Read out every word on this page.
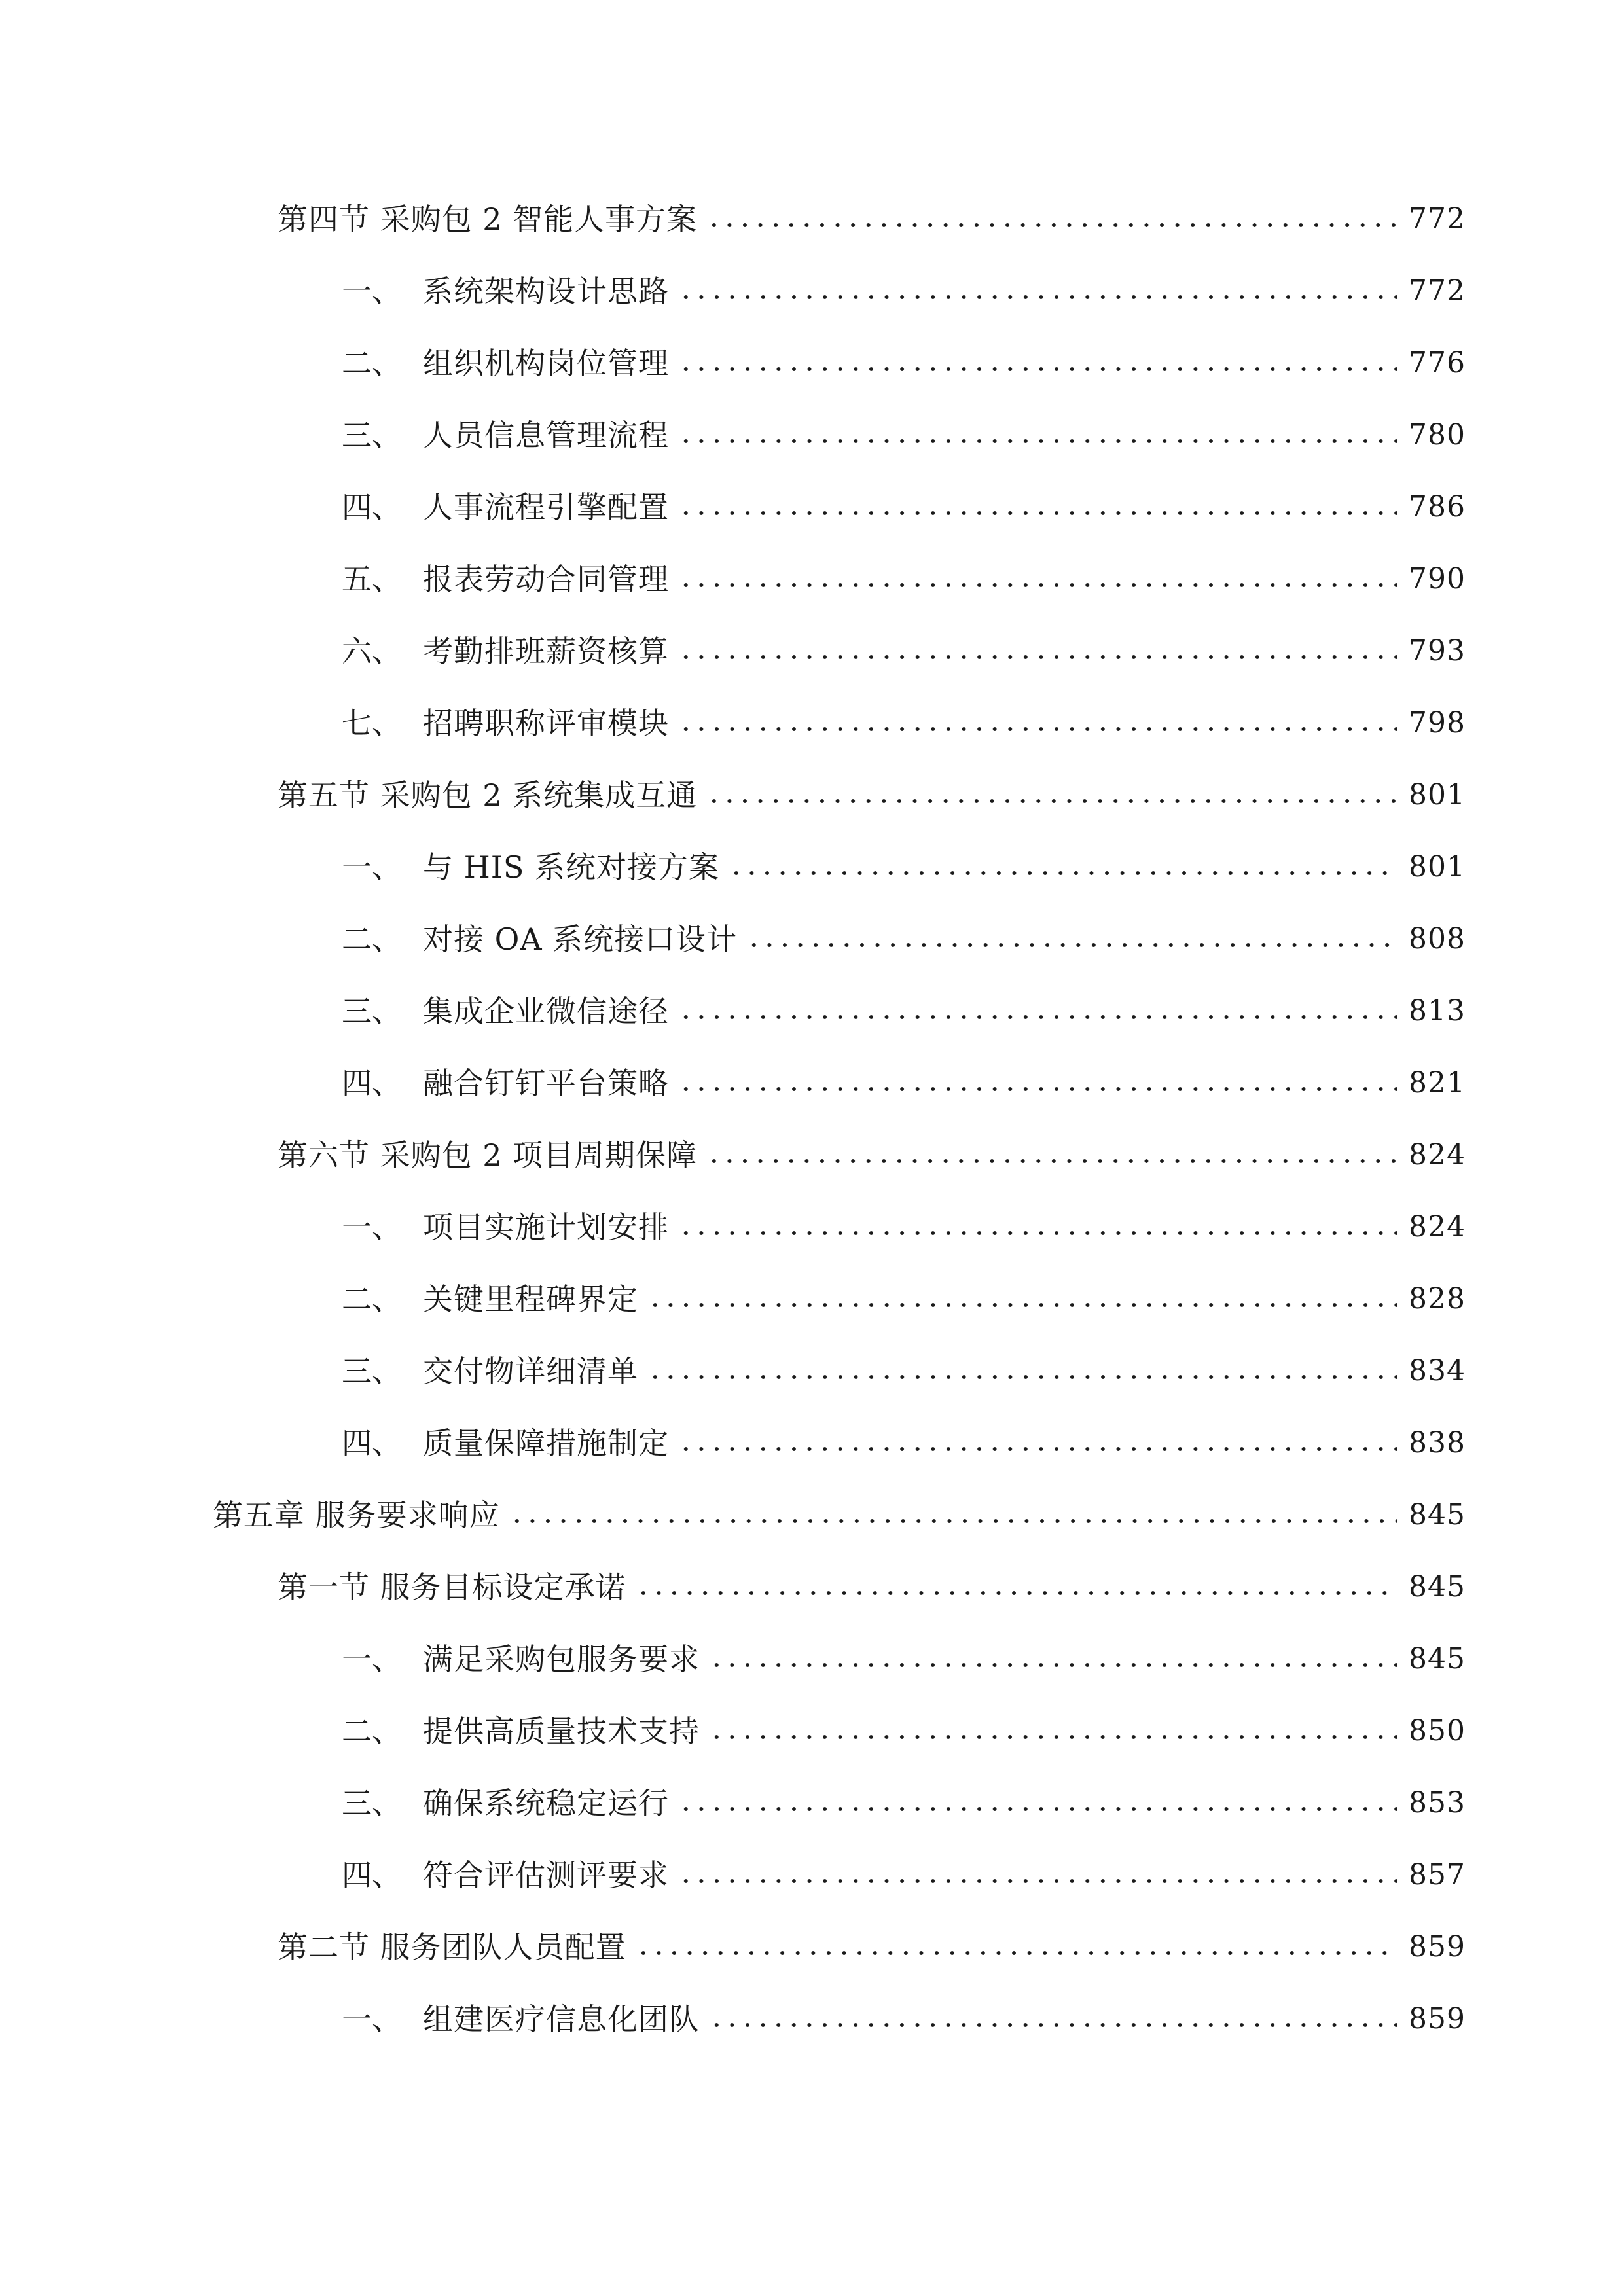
第四节 采购包 2 智能人事方案	772
一、 系统架构设计思路	772
二、 组织机构岗位管理	776
三、 人员信息管理流程	780
四、 人事流程引擎配置	786
五、 报表劳动合同管理	790
六、 考勤排班薪资核算	793
七、 招聘职称评审模块	798
第五节 采购包 2 系统集成互通	801
一、 与 HIS 系统对接方案	801
二、 对接 OA 系统接口设计	808
三、 集成企业微信途径	813
四、 融合钉钉平台策略	821
第六节 采购包 2 项目周期保障	824
一、 项目实施计划安排	824
二、 关键里程碑界定	828
三、 交付物详细清单	834
四、 质量保障措施制定	838
第五章 服务要求响应	845
第一节 服务目标设定承诺	845
一、 满足采购包服务要求	845
二、 提供高质量技术支持	850
三、 确保系统稳定运行	853
四、 符合评估测评要求	857
第二节 服务团队人员配置	859
一、 组建医疗信息化团队	859
